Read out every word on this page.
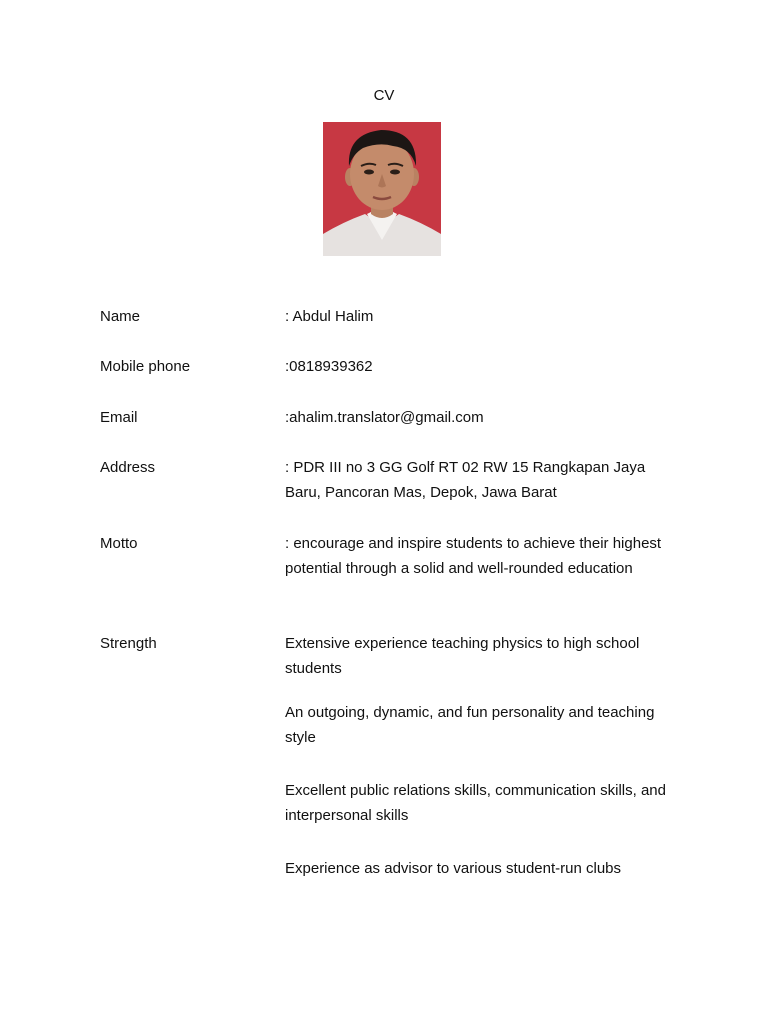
CV
Name	: Abdul Halim
Mobile phone	:0818939362
Email	:ahalim.translator@gmail.com
Address	: PDR III no 3 GG Golf RT 02 RW 15 Rangkapan Jaya Baru, Pancoran Mas, Depok, Jawa Barat
Motto	: encourage and inspire students to achieve their highest potential through a solid and well-rounded education
Strength	Extensive experience teaching physics to high school students
An outgoing, dynamic, and fun personality and teaching style
Excellent public relations skills, communication skills, and interpersonal skills
Experience as advisor to various student-run clubs
